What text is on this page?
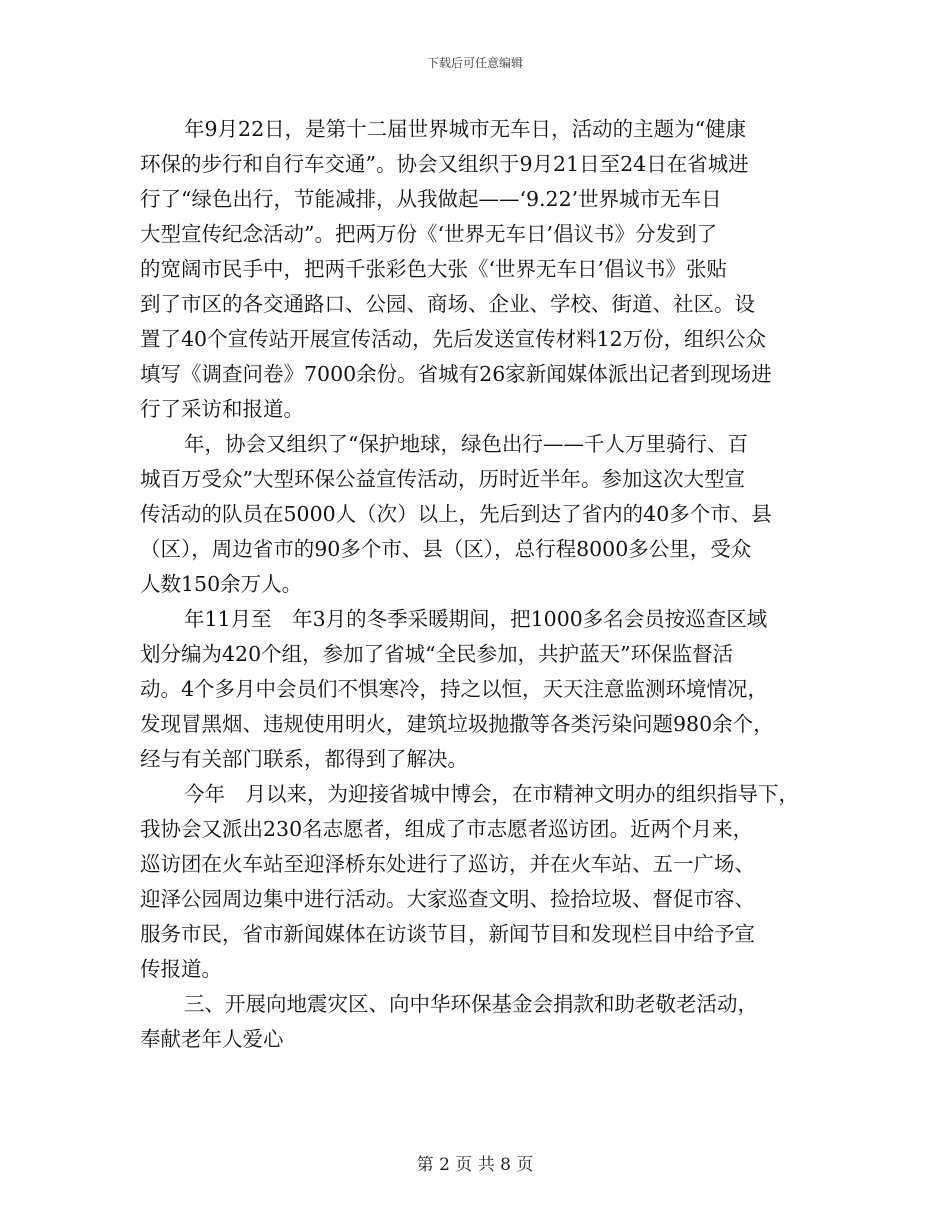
下载后可任意编辑
年9月22日，是第十二届世界城市无车日，活动的主题为“健康
环保的步行和自行车交通”。协会又组织于9月21日至24日在省城进
行了“绿色出行，节能减排，从我做起——‘9.22’世界城市无车日
大型宣传纪念活动”。把两万份《‘世界无车日’倡议书》分发到了
的宽阔市民手中，把两千张彩色大张《‘世界无车日’倡议书》张贴
到了市区的各交通路口、公园、商场、企业、学校、街道、社区。设
置了40个宣传站开展宣传活动，先后发送宣传材料12万份，组织公众
填写《调查问卷》7000余份。省城有26家新闻媒体派出记者到现场进
行了采访和报道。
年，协会又组织了“保护地球，绿色出行——千人万里骑行、百
城百万受众”大型环保公益宣传活动，历时近半年。参加这次大型宣
传活动的队员在5000人（次）以上，先后到达了省内的40多个市、县
（区），周边省市的90多个市、县（区），总行程8000多公里，受众
人数150余万人。
年11月至　年3月的冬季采暖期间，把1000多名会员按巡查区域
划分编为420个组，参加了省城“全民参加，共护蓝天”环保监督活
动。4个多月中会员们不惧寒冷，持之以恒，天天注意监测环境情况，
发现冒黑烟、违规使用明火，建筑垃圾抛撒等各类污染问题980余个，
经与有关部门联系，都得到了解决。
今年　月以来，为迎接省城中博会，在市精神文明办的组织指导下，
我协会又派出230名志愿者，组成了市志愿者巡访团。近两个月来，
巡访团在火车站至迎泽桥东处进行了巡访，并在火车站、五一广场、
迎泽公园周边集中进行活动。大家巡查文明、捡拾垃圾、督促市容、
服务市民，省市新闻媒体在访谈节目，新闻节目和发现栏目中给予宣
传报道。
三、开展向地震灾区、向中华环保基金会捐款和助老敬老活动，
奉献老年人爱心
第 2 页 共 8 页
